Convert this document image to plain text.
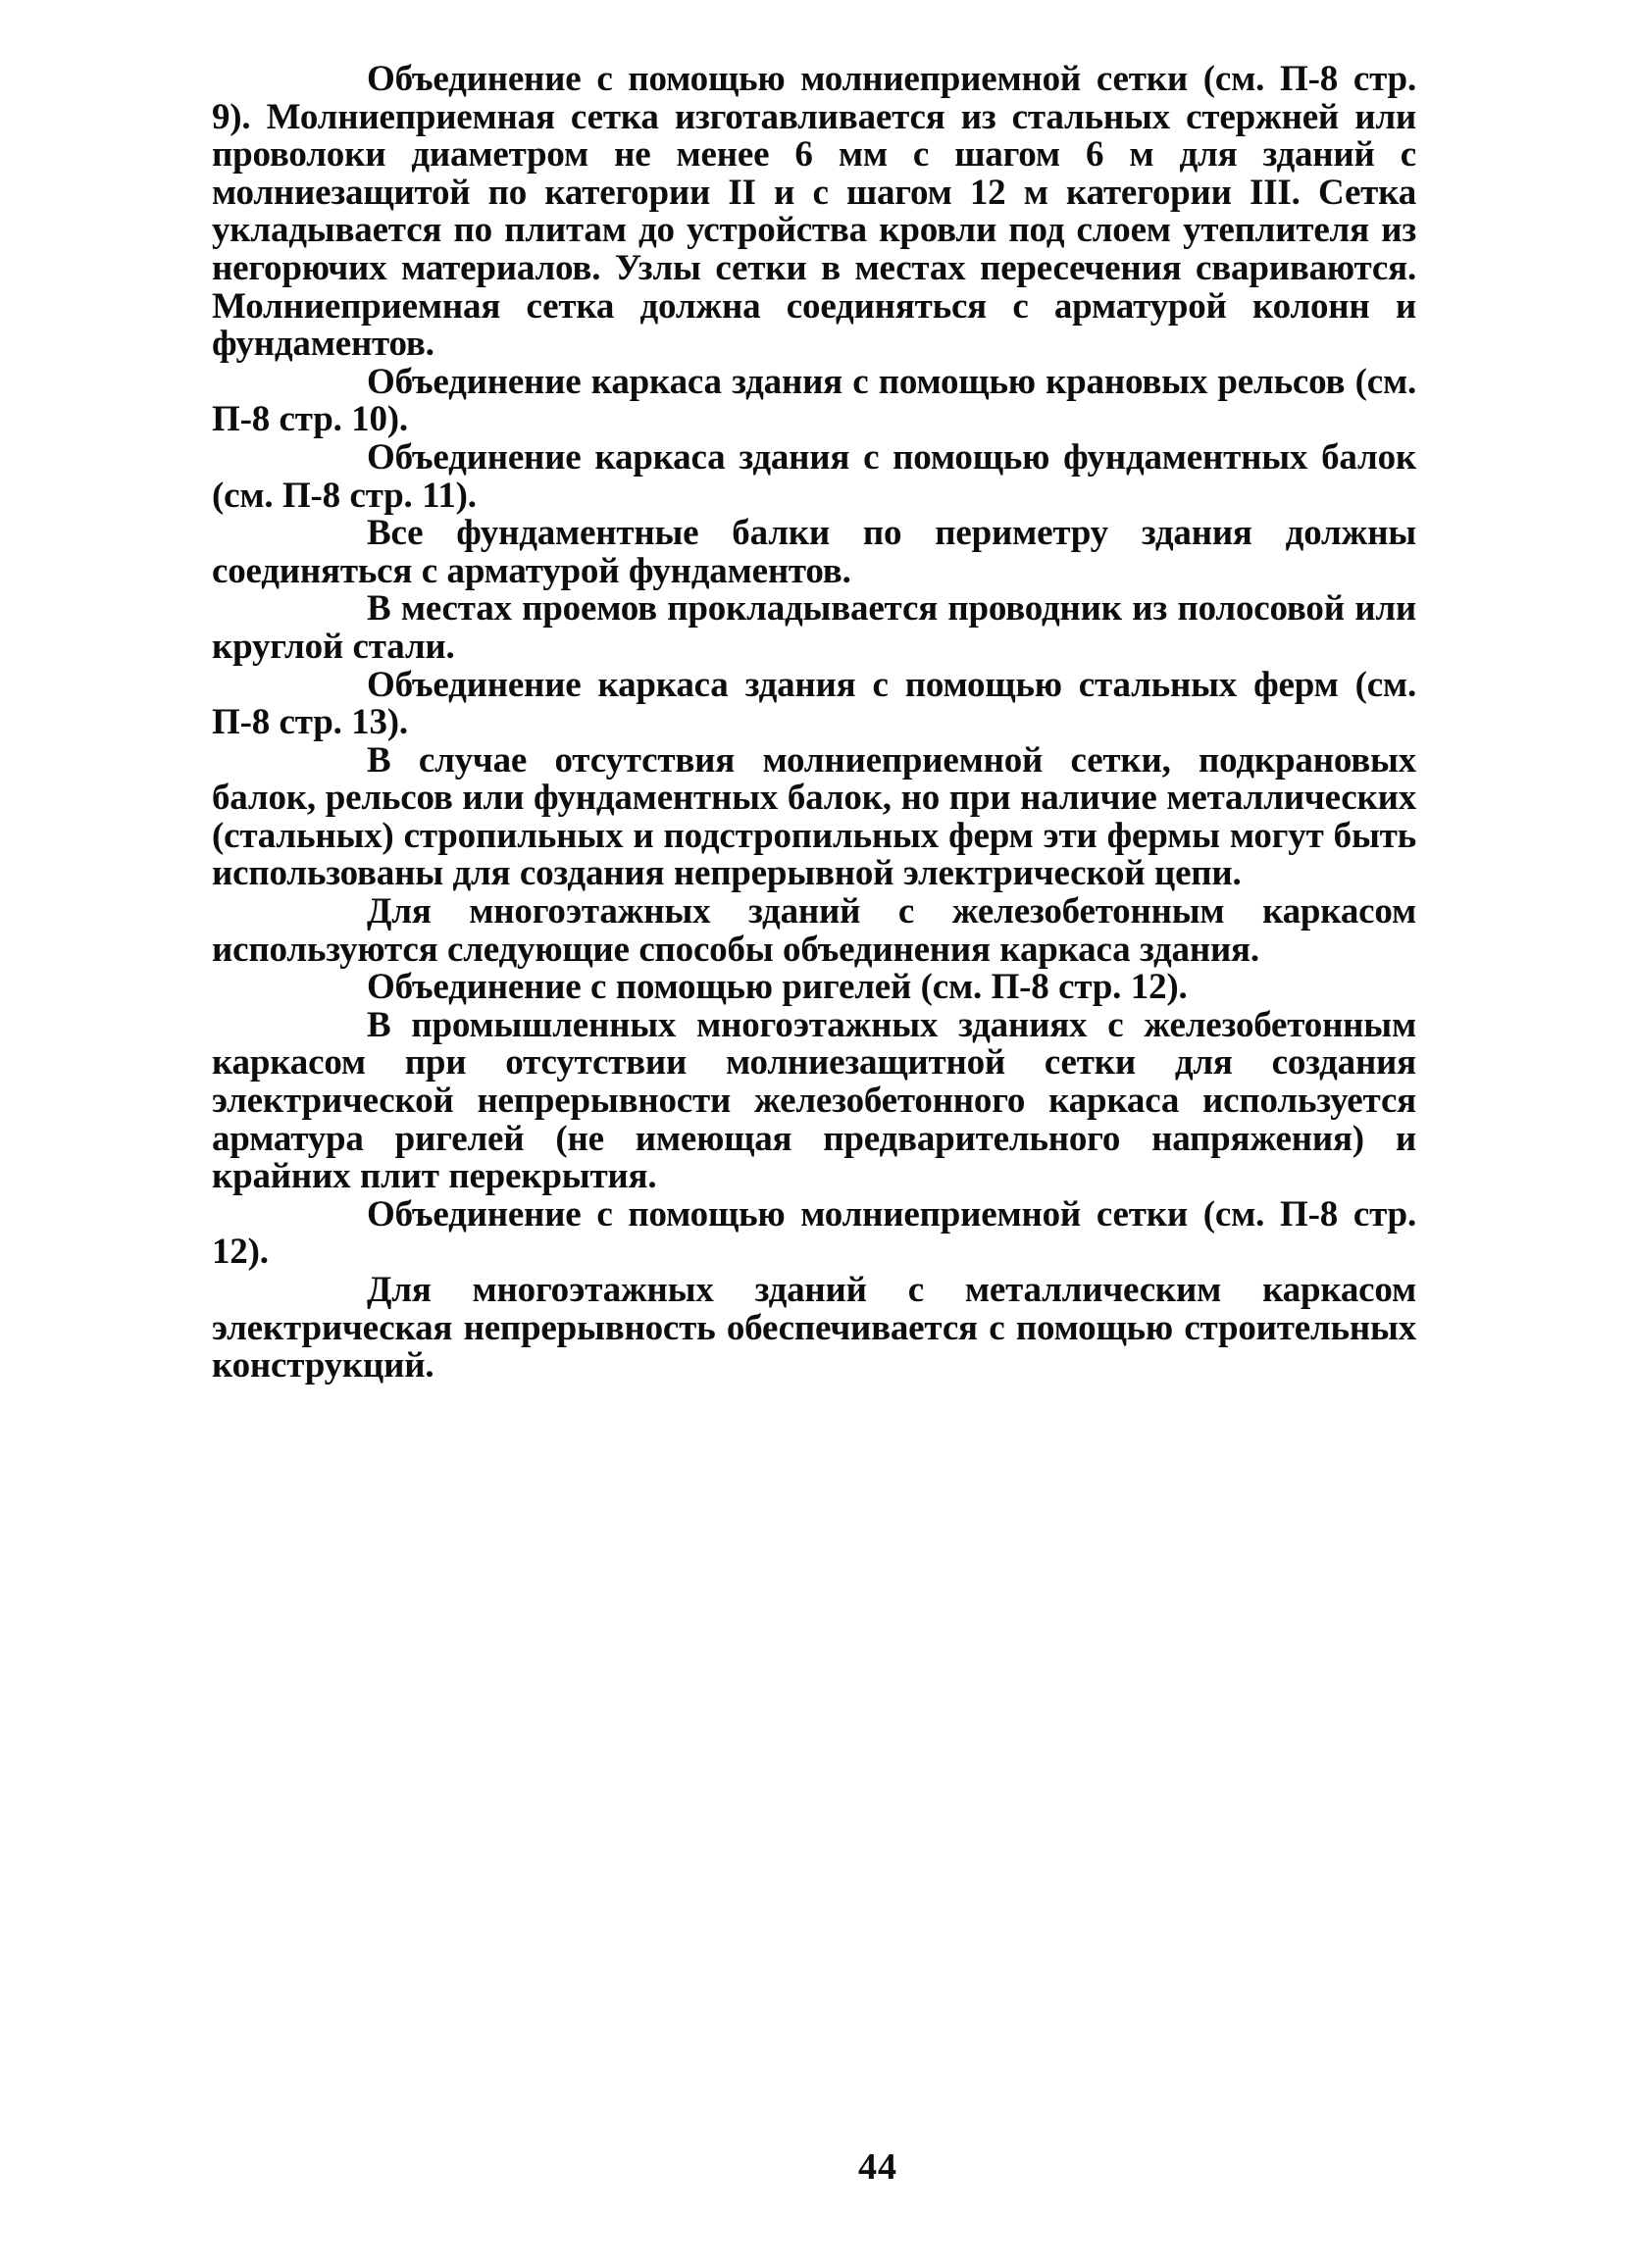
Объединение с помощью молниеприемной сетки (см. П-8 стр. 9). Молниеприемная сетка изготавливается из стальных стержней или проволоки диаметром не менее 6 мм с шагом 6 м для зданий с молниезащитой по категории II и с шагом 12 м категории III. Сетка укладывается по плитам до устройства кровли под слоем утеплителя из негорючих материалов. Узлы сетки в местах пересечения свариваются. Молниеприемная сетка должна соединяться с арматурой колонн и фундаментов.

Объединение каркаса здания с помощью крановых рельсов (см. П-8 стр. 10).

Объединение каркаса здания с помощью фундаментных балок (см. П-8 стр. 11).

Все фундаментные балки по периметру здания должны соединяться с арматурой фундаментов.

В местах проемов прокладывается проводник из полосовой или круглой стали.

Объединение каркаса здания с помощью стальных ферм (см. П-8 стр. 13).

В случае отсутствия молниеприемной сетки, подкрановых балок, рельсов или фундаментных балок, но при наличие металлических (стальных) стропильных и подстропильных ферм эти фермы могут быть использованы для создания непрерывной электрической цепи.

Для многоэтажных зданий с железобетонным каркасом используются следующие способы объединения каркаса здания.

Объединение с помощью ригелей (см. П-8 стр. 12).

В промышленных многоэтажных зданиях с железобетонным каркасом при отсутствии молниезащитной сетки для создания электрической непрерывности железобетонного каркаса используется арматура ригелей (не имеющая предварительного напряжения) и крайних плит перекрытия.

Объединение с помощью молниеприемной сетки (см. П-8 стр. 12).

Для многоэтажных зданий с металлическим каркасом электрическая непрерывность обеспечивается с помощью строительных конструкций.

44
